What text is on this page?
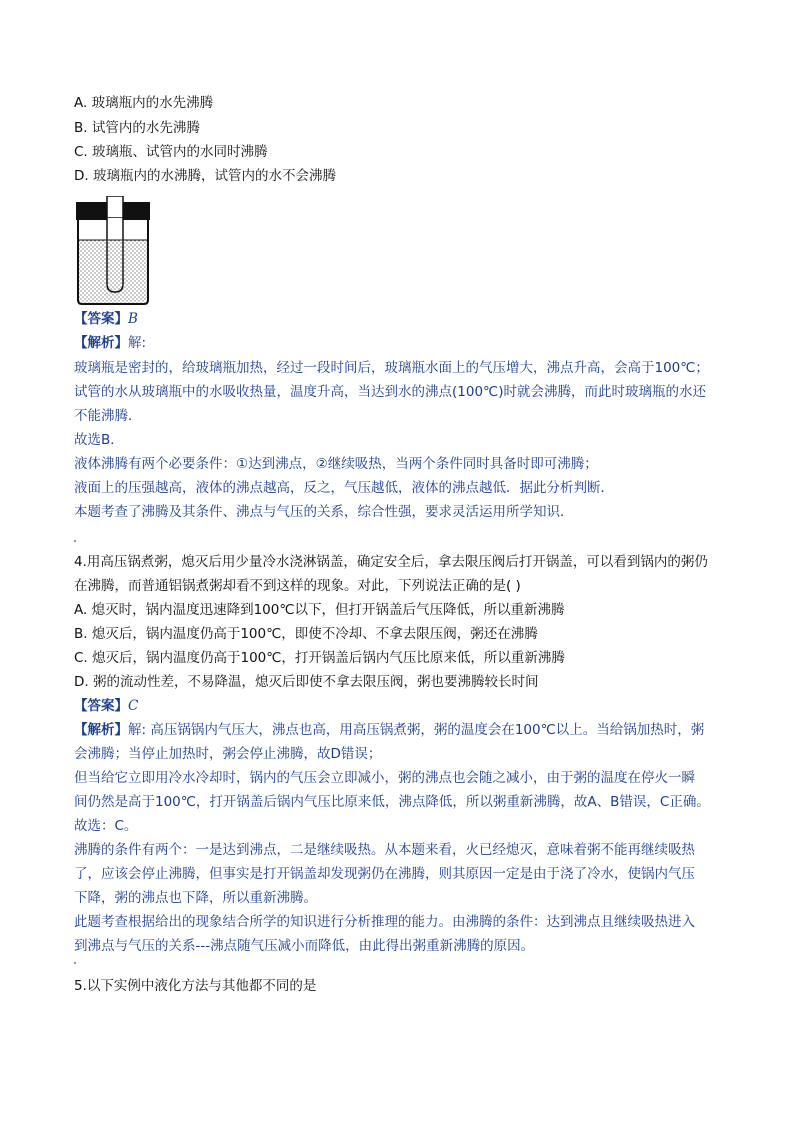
A. 玻璃瓶内的水先沸腾
B. 试管内的水先沸腾
C. 玻璃瓶、试管内的水同时沸腾
D. 玻璃瓶内的水沸腾，试管内的水不会沸腾
【答案】B
【解析】解:
玻璃瓶是密封的，给玻璃瓶加热，经过一段时间后，玻璃瓶水面上的气压增大，沸点升高，会高于100℃；
试管的水从玻璃瓶中的水吸收热量，温度升高，当达到水的沸点(100℃)时就会沸腾，而此时玻璃瓶的水还
不能沸腾．
故选B．
液体沸腾有两个必要条件：①达到沸点，②继续吸热，当两个条件同时具备时即可沸腾；
液面上的压强越高，液体的沸点越高，反之，气压越低，液体的沸点越低．据此分析判断．
本题考查了沸腾及其条件、沸点与气压的关系，综合性强，要求灵活运用所学知识．
4.用高压锅煮粥，熄灭后用少量冷水浇淋锅盖，确定安全后，拿去限压阀后打开锅盖，可以看到锅内的粥仍
在沸腾，而普通铝锅煮粥却看不到这样的现象。对此，下列说法正确的是( )
A. 熄灭时，锅内温度迅速降到100℃以下，但打开锅盖后气压降低，所以重新沸腾
B. 熄灭后，锅内温度仍高于100℃，即使不冷却、不拿去限压阀，粥还在沸腾
C. 熄灭后，锅内温度仍高于100℃，打开锅盖后锅内气压比原来低，所以重新沸腾
D. 粥的流动性差，不易降温，熄灭后即使不拿去限压阀，粥也要沸腾较长时间
【答案】C
【解析】解: 高压锅锅内气压大，沸点也高，用高压锅煮粥，粥的温度会在100℃以上。当给锅加热时，粥
会沸腾；当停止加热时，粥会停止沸腾，故D错误；
但当给它立即用冷水冷却时，锅内的气压会立即减小，粥的沸点也会随之减小，由于粥的温度在停火一瞬
间仍然是高于100℃，打开锅盖后锅内气压比原来低，沸点降低，所以粥重新沸腾，故A、B错误，C正确。
故选：C。
沸腾的条件有两个：一是达到沸点，二是继续吸热。从本题来看，火已经熄灭，意味着粥不能再继续吸热
了，应该会停止沸腾，但事实是打开锅盖却发现粥仍在沸腾，则其原因一定是由于浇了冷水，使锅内气压
下降，粥的沸点也下降，所以重新沸腾。
此题考查根据给出的现象结合所学的知识进行分析推理的能力。由沸腾的条件：达到沸点且继续吸热进入
到沸点与气压的关系---沸点随气压减小而降低，由此得出粥重新沸腾的原因。
5.以下实例中液化方法与其他都不同的是
